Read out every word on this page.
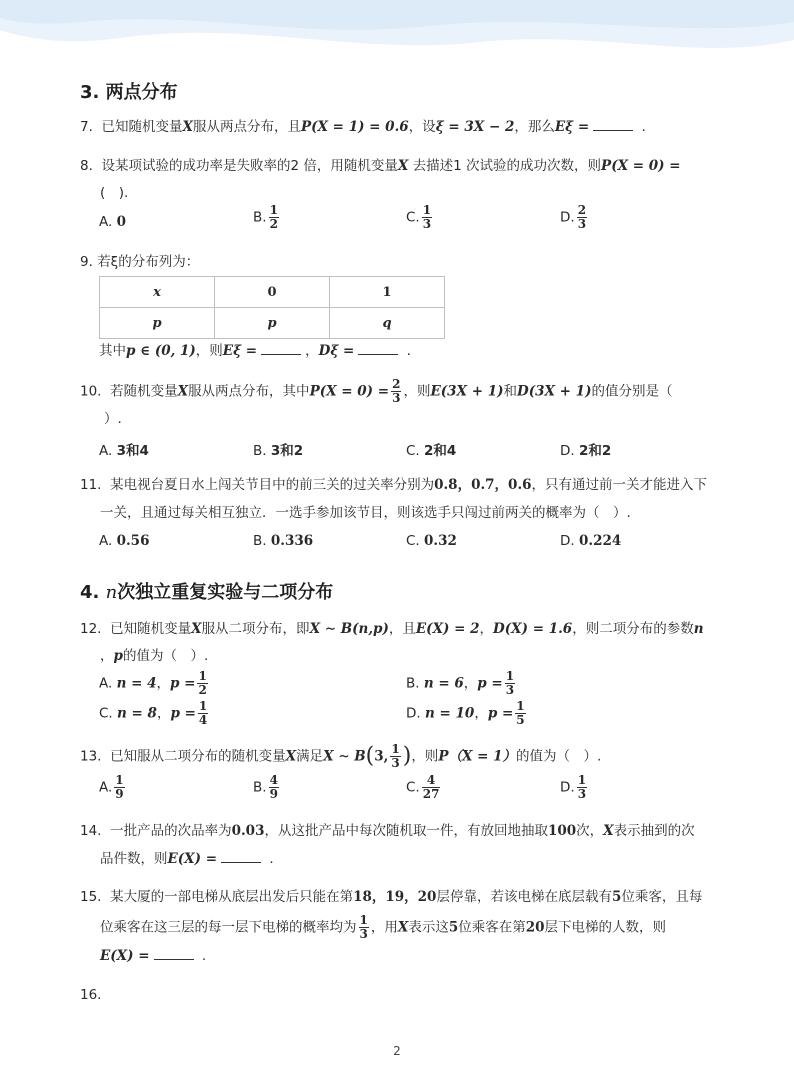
3. 两点分布
7. 已知随机变量X服从两点分布，且P(X = 1) = 0.6，设ξ = 3X − 2，那么Eξ =	.
8. 设某项试验的成功率是失败率的2 倍，用随机变量X 去描述1 次试验的成功次数，则P(X = 0) =
(　).
A. 0	B. $\frac{1}{2}$	C. $\frac{1}{3}$	D. $\frac{2}{3}$
9. 若ξ的分布列为：
x	0	1
p	p	q
其中p ∈ (0, 1)，则Eξ =	，Dξ =	.
10. 若随机变量X服从两点分布，其中$P(X = 0) = \frac{2}{3}$ ，则E(3X + 1)和D(3X + 1)的值分别是（
）.
A. 3和4	B. 3和2	C. 2和4	D. 2和2
11. 某电视台夏日水上闯关节目中的前三关的过关率分别为0.8，0.7，0.6，只有通过前一关才能进入下
一关，且通过每关相互独立．一选手参加该节目，则该选手只闯过前两关的概率为（　）.
A. 0.56	B. 0.336	C. 0.32	D. 0.224
4. n次独立重复实验与二项分布
12. 已知随机变量X服从二项分布，即X ∼ B(n,p)，且E(X) = 2，D(X) = 1.6，则二项分布的参数n
，p的值为（　）.
A. n = 4，$p = \frac{1}{2}$	B. n = 6，$p = \frac{1}{3}$
C. n = 8，$p = \frac{1}{4}$	D. n = 10，$p = \frac{1}{5}$
13. 已知服从二项分布的随机变量X满足X ∼ B(3, $\frac{1}{3}$ )，则P（X = 1）的值为（　）.
A. $\frac{1}{9}$	B. $\frac{4}{9}$	C. $\frac{4}{27}$	D. $\frac{1}{3}$
14. 一批产品的次品率为0.03，从这批产品中每次随机取一件，有放回地抽取100次，X表示抽到的次
品件数，则E(X) =	.
15. 某大厦的一部电梯从底层出发后只能在第18，19，20层停靠，若该电梯在底层载有5位乘客，且每
位乘客在这三层的每一层下电梯的概率均为 $\frac{1}{3}$ ，用X表示这5位乘客在第20层下电梯的人数，则
E(X) =	.
16.
2
